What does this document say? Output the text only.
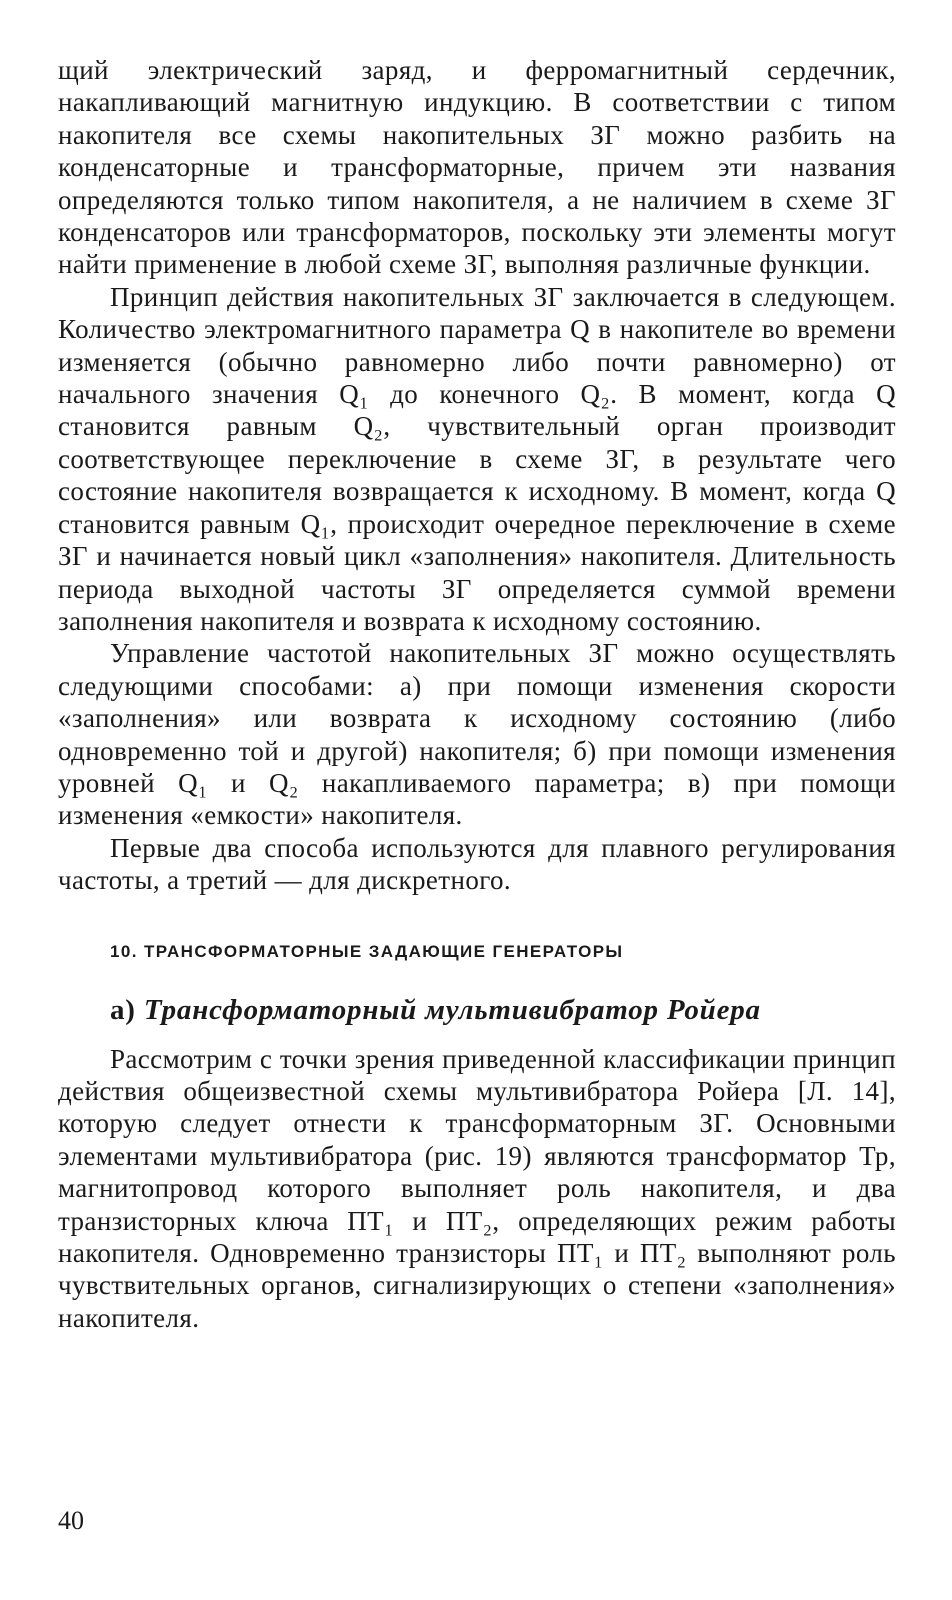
щий электрический заряд, и ферромагнитный сердечник, накапливающий магнитную индукцию. В соответствии с типом накопителя все схемы накопительных ЗГ можно разбить на конденсаторные и трансформаторные, причем эти названия определяются только типом накопителя, а не наличием в схеме ЗГ конденсаторов или трансформаторов, поскольку эти элементы могут найти применение в любой схеме ЗГ, выполняя различные функции.

Принцип действия накопительных ЗГ заключается в следующем. Количество электромагнитного параметра Q в накопителе во времени изменяется (обычно равномерно либо почти равномерно) от начального значения Q₁ до конечного Q₂. В момент, когда Q становится равным Q₂, чувствительный орган производит соответствующее переключение в схеме ЗГ, в результате чего состояние накопителя возвращается к исходному. В момент, когда Q становится равным Q₁, происходит очередное переключение в схеме ЗГ и начинается новый цикл «заполнения» накопителя. Длительность периода выходной частоты ЗГ определяется суммой времени заполнения накопителя и возврата к исходному состоянию.

Управление частотой накопительных ЗГ можно осуществлять следующими способами: а) при помощи изменения скорости «заполнения» или возврата к исходному состоянию (либо одновременно той и другой) накопителя; б) при помощи изменения уровней Q₁ и Q₂ накапливаемого параметра; в) при помощи изменения «емкости» накопителя.

Первые два способа используются для плавного регулирования частоты, а третий — для дискретного.

10. ТРАНСФОРМАТОРНЫЕ ЗАДАЮЩИЕ ГЕНЕРАТОРЫ
а) Трансформаторный мультивибратор Ройера

Рассмотрим с точки зрения приведенной классификации принцип действия общеизвестной схемы мультивибратора Ройера [Л. 14], которую следует отнести к трансформаторным ЗГ. Основными элементами мультивибратора (рис. 19) являются трансформатор Тр, магнитопровод которого выполняет роль накопителя, и два транзисторных ключа ПТ₁ и ПТ₂, определяющих режим работы накопителя. Одновременно транзисторы ПТ₁ и ПТ₂ выполняют роль чувствительных органов, сигнализирующих о степени «заполнения» накопителя.

40
